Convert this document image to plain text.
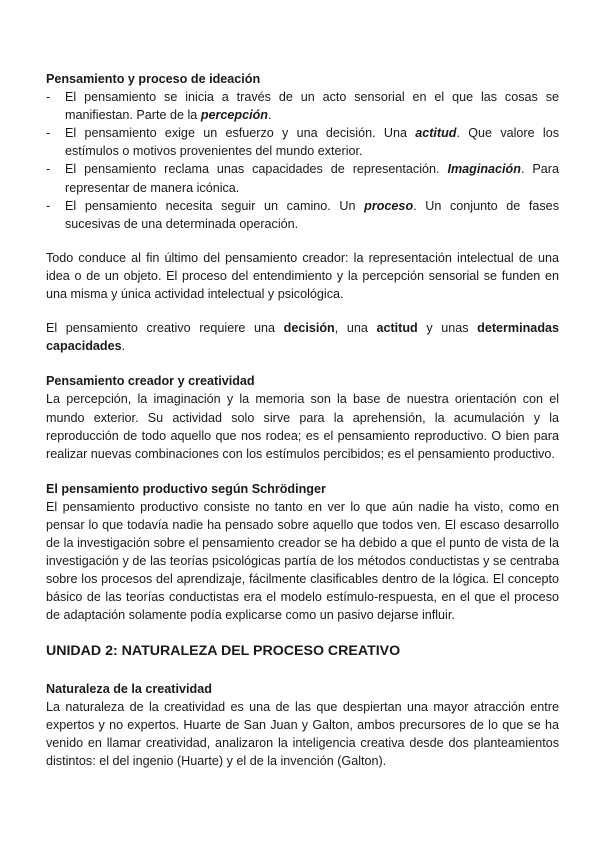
Pensamiento y proceso de ideación
- El pensamiento se inicia a través de un acto sensorial en el que las cosas se manifiestan. Parte de la percepción.
- El pensamiento exige un esfuerzo y una decisión. Una actitud. Que valore los estímulos o motivos provenientes del mundo exterior.
- El pensamiento reclama unas capacidades de representación. Imaginación. Para representar de manera icónica.
- El pensamiento necesita seguir un camino. Un proceso. Un conjunto de fases sucesivas de una determinada operación.

Todo conduce al fin último del pensamiento creador: la representación intelectual de una idea o de un objeto. El proceso del entendimiento y la percepción sensorial se funden en una misma y única actividad intelectual y psicológica.

El pensamiento creativo requiere una decisión, una actitud y unas determinadas capacidades.

Pensamiento creador y creatividad

La percepción, la imaginación y la memoria son la base de nuestra orientación con el mundo exterior. Su actividad solo sirve para la aprehensión, la acumulación y la reproducción de todo aquello que nos rodea; es el pensamiento reproductivo. O bien para realizar nuevas combinaciones con los estímulos percibidos; es el pensamiento productivo.

El pensamiento productivo según Schrödinger

El pensamiento productivo consiste no tanto en ver lo que aún nadie ha visto, como en pensar lo que todavía nadie ha pensado sobre aquello que todos ven. El escaso desarrollo de la investigación sobre el pensamiento creador se ha debido a que el punto de vista de la investigación y de las teorías psicológicas partía de los métodos conductistas y se centraba sobre los procesos del aprendizaje, fácilmente clasificables dentro de la lógica. El concepto básico de las teorías conductistas era el modelo estímulo-respuesta, en el que el proceso de adaptación solamente podía explicarse como un pasivo dejarse influir.

UNIDAD 2: NATURALEZA DEL PROCESO CREATIVO
Naturaleza de la creatividad

La naturaleza de la creatividad es una de las que despiertan una mayor atracción entre expertos y no expertos. Huarte de San Juan y Galton, ambos precursores de lo que se ha venido en llamar creatividad, analizaron la inteligencia creativa desde dos planteamientos distintos: el del ingenio (Huarte) y el de la invención (Galton).
